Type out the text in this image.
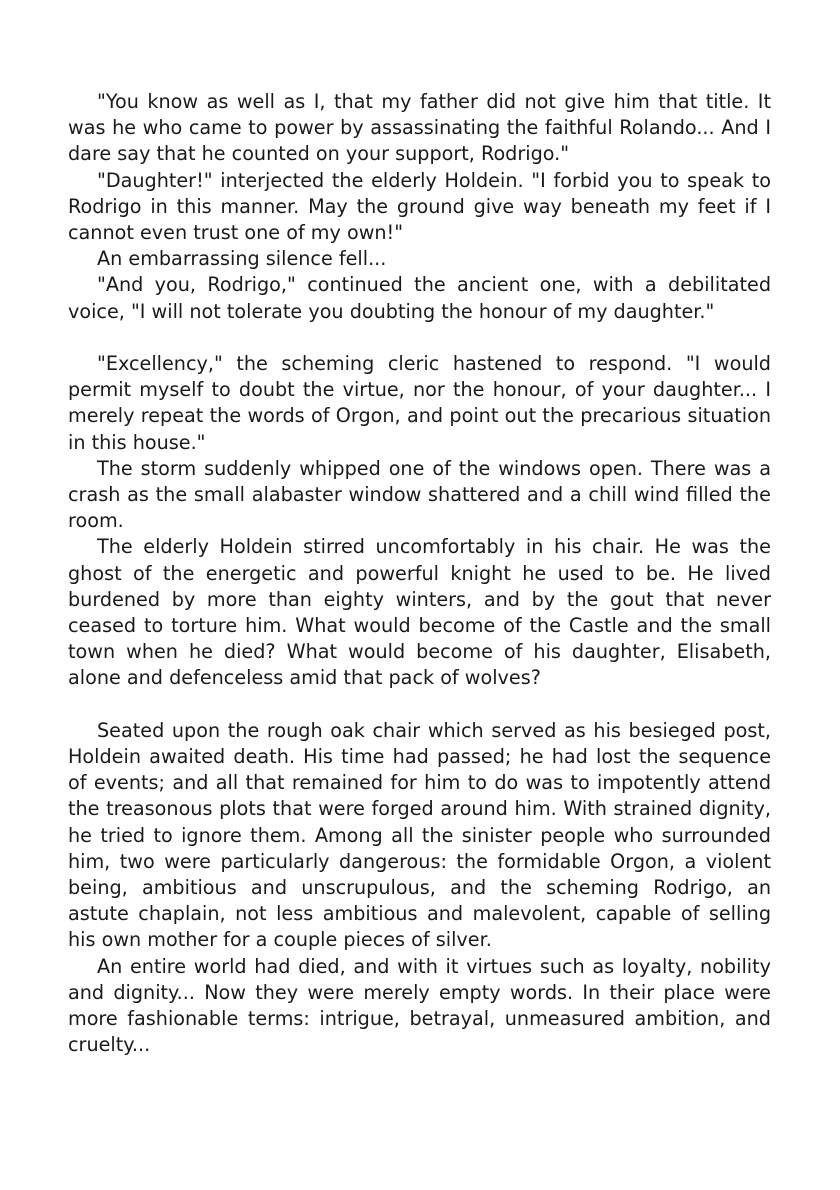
"You know as well as I, that my father did not give him that title. It was he who came to power by assassinating the faithful Rolando... And I dare say that he counted on your support, Rodrigo."

"Daughter!" interjected the elderly Holdein. "I forbid you to speak to Rodrigo in this manner. May the ground give way beneath my feet if I cannot even trust one of my own!"

An embarrassing silence fell...

"And you, Rodrigo," continued the ancient one, with a debilitated voice, "I will not tolerate you doubting the honour of my daughter."

"Excellency," the scheming cleric hastened to respond. "I would permit myself to doubt the virtue, nor the honour, of your daughter... I merely repeat the words of Orgon, and point out the precarious situation in this house."

The storm suddenly whipped one of the windows open. There was a crash as the small alabaster window shattered and a chill wind filled the room.

The elderly Holdein stirred uncomfortably in his chair. He was the ghost of the energetic and powerful knight he used to be. He lived burdened by more than eighty winters, and by the gout that never ceased to torture him. What would become of the Castle and the small town when he died? What would become of his daughter, Elisabeth, alone and defenceless amid that pack of wolves?

Seated upon the rough oak chair which served as his besieged post, Holdein awaited death. His time had passed; he had lost the sequence of events; and all that remained for him to do was to impotently attend the treasonous plots that were forged around him. With strained dignity, he tried to ignore them. Among all the sinister people who surrounded him, two were particularly dangerous: the formidable Orgon, a violent being, ambitious and unscrupulous, and the scheming Rodrigo, an astute chaplain, not less ambitious and malevolent, capable of selling his own mother for a couple pieces of silver.

An entire world had died, and with it virtues such as loyalty, nobility and dignity... Now they were merely empty words. In their place were more fashionable terms: intrigue, betrayal, unmeasured ambition, and cruelty...
